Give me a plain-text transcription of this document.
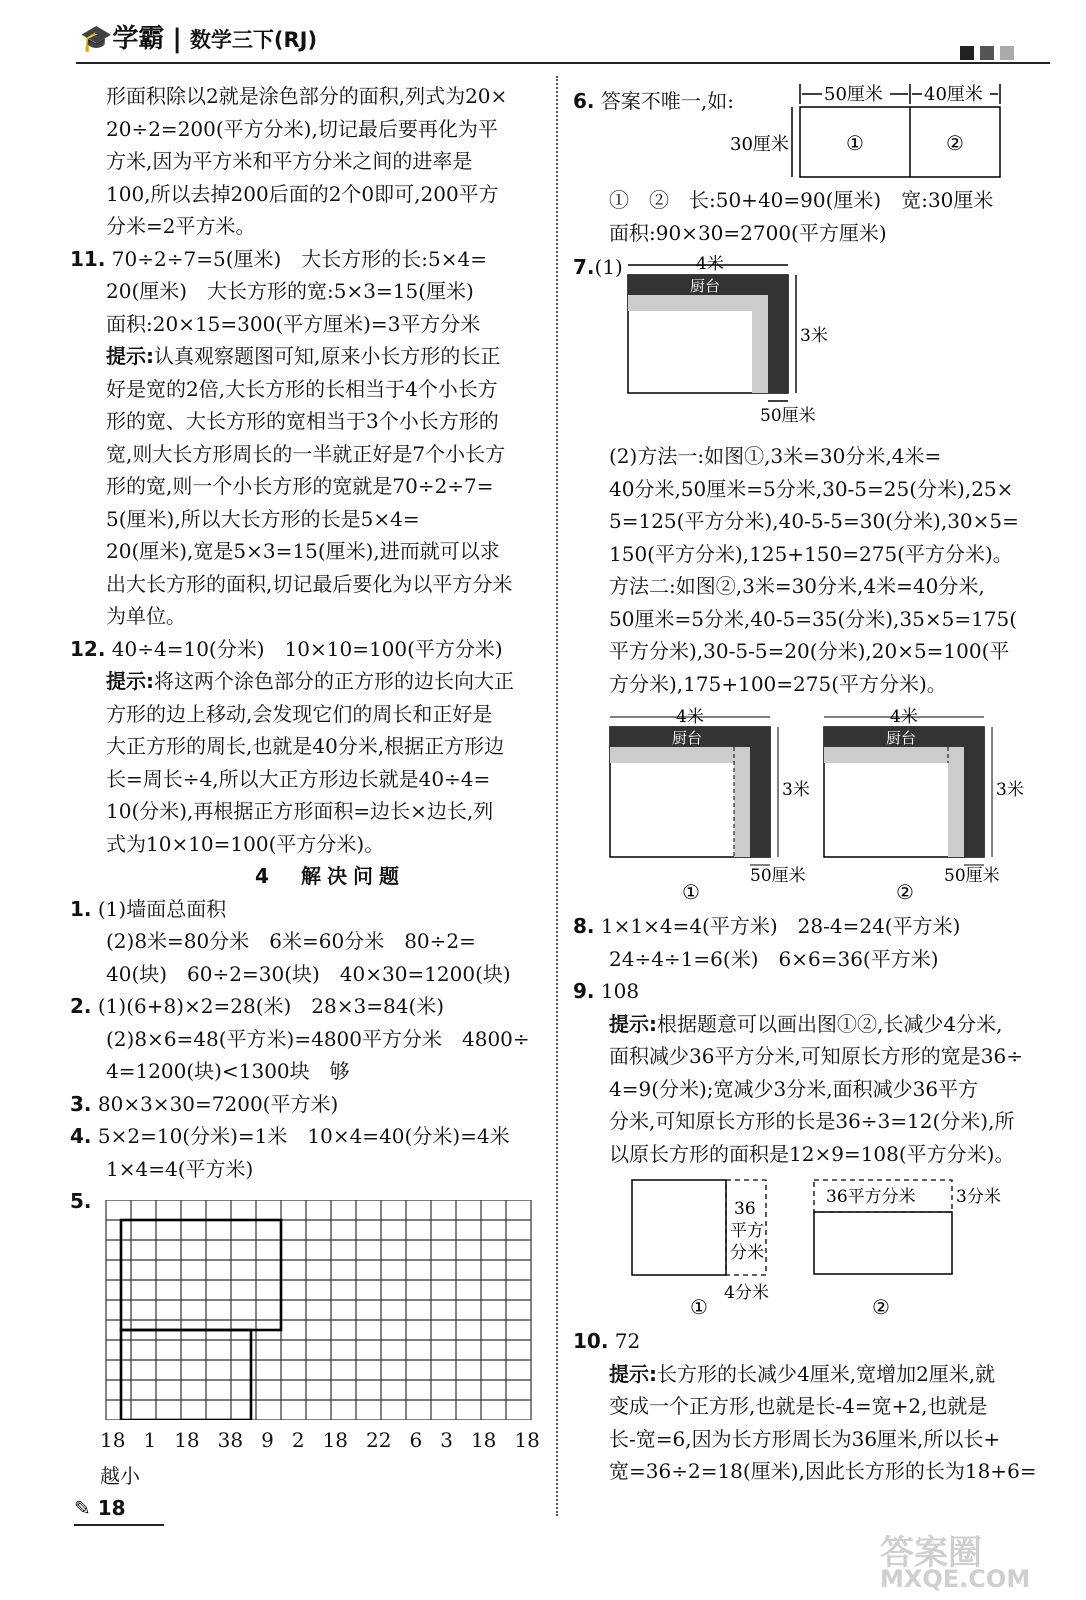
🎓学霸 | 数学三下(RJ)
形面积除以2就是涂色部分的面积,列式为20×
20÷2=200(平方分米),切记最后要再化为平
方米,因为平方米和平方分米之间的进率是
100,所以去掉200后面的2个0即可,200平方
分米=2平方米。
11. 70÷2÷7=5(厘米)　大长方形的长:5×4=
20(厘米)　大长方形的宽:5×3=15(厘米)
面积:20×15=300(平方厘米)=3平方分米
提示:认真观察题图可知,原来小长方形的长正
好是宽的2倍,大长方形的长相当于4个小长方
形的宽、大长方形的宽相当于3个小长方形的
宽,则大长方形周长的一半就正好是7个小长方
形的宽,则一个小长方形的宽就是70÷2÷7=
5(厘米),所以大长方形的长是5×4=
20(厘米),宽是5×3=15(厘米),进而就可以求
出大长方形的面积,切记最后要化为以平方分米
为单位。
12. 40÷4=10(分米)　10×10=100(平方分米)
提示:将这两个涂色部分的正方形的边长向大正
方形的边上移动,会发现它们的周长和正好是
大正方形的周长,也就是40分米,根据正方形边
长=周长÷4,所以大正方形边长就是40÷4=
10(分米),再根据正方形面积=边长×边长,列
式为10×10=100(平方分米)。
4　解决问题
1. (1)墙面总面积
(2)8米=80分米　6米=60分米　80÷2=
40(块)　60÷2=30(块)　40×30=1200(块)
2. (1)(6+8)×2=28(米)　28×3=84(米)
(2)8×6=48(平方米)=4800平方分米　4800÷
4=1200(块)<1300块　够
3. 80×3×30=7200(平方米)
4. 5×2=10(分米)=1米　10×4=40(分米)=4米
1×4=4(平方米)
5.
18 1 18 38 9 2 18 22 6 3 18 18
越小
6. 答案不唯一,如:	50厘米 40厘米
30厘米	①	②
①　②　长:50+40=90(厘米)　宽:30厘米
面积:90×30=2700(平方厘米)
7.(1)	4米
厨台
3米
50厘米
(2)方法一:如图①,3米=30分米,4米=
40分米,50厘米=5分米,30-5=25(分米),25×
5=125(平方分米),40-5-5=30(分米),30×5=
150(平方分米),125+150=275(平方分米)。
方法二:如图②,3米=30分米,4米=40分米,
50厘米=5分米,40-5=35(分米),35×5=175(
平方分米),30-5-5=20(分米),20×5=100(平
方分米),175+100=275(平方分米)。
4米
厨台
3米
50厘米
①
4米
厨台
3米
50厘米
②
8. 1×1×4=4(平方米)　28-4=24(平方米)
24÷4÷1=6(米)　6×6=36(平方米)
9. 108
提示:根据题意可以画出图①②,长减少4分米,
面积减少36平方分米,可知原长方形的宽是36÷
4=9(分米);宽减少3分米,面积减少36平方
分米,可知原长方形的长是36÷3=12(分米),所
以原长方形的面积是12×9=108(平方分米)。
36
平方
分米
4分米
①
36平方分米 3分米
②
10. 72
提示:长方形的长减少4厘米,宽增加2厘米,就
变成一个正方形,也就是长-4=宽+2,也就是
长-宽=6,因为长方形周长为36厘米,所以长+
宽=36÷2=18(厘米),因此长方形的长为18+6=
✎ 18
答案圈
MXQE.COM
